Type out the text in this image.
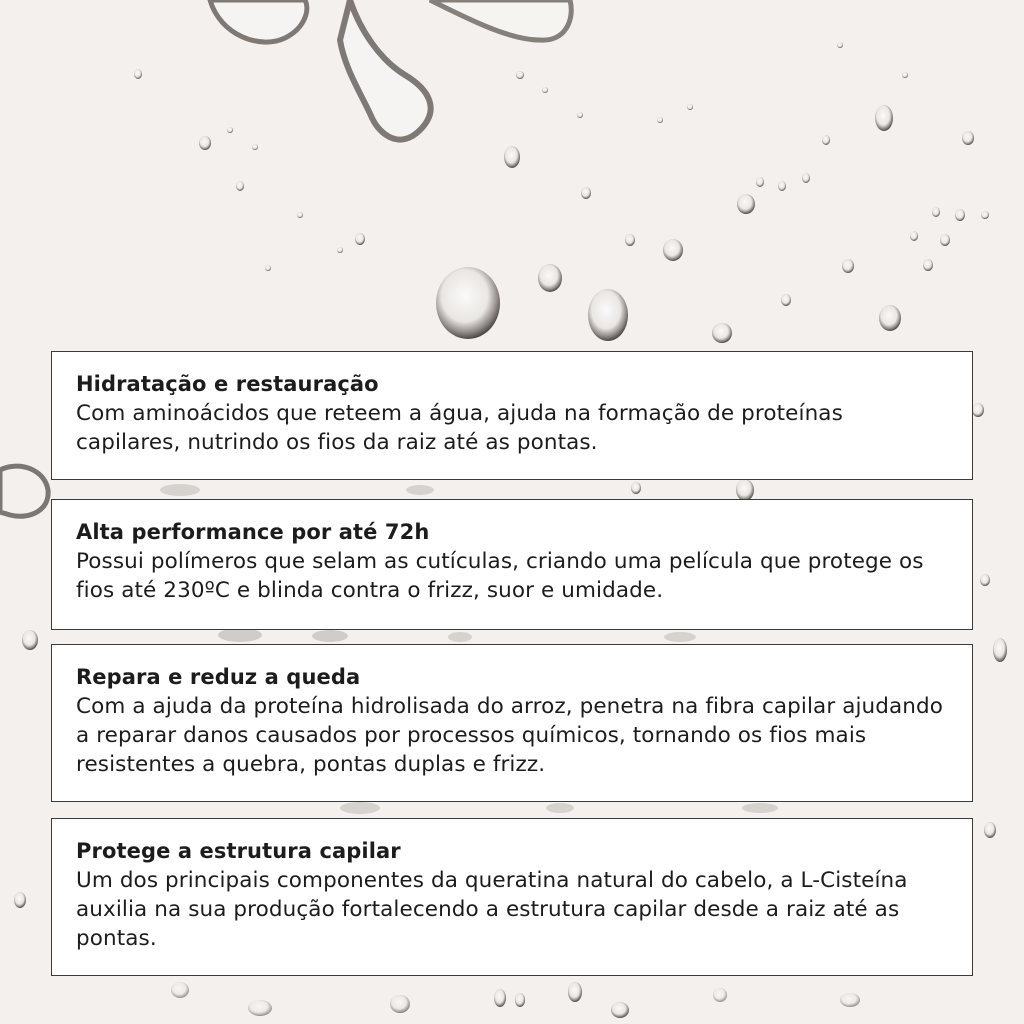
Hidratação e restauração

Com aminoácidos que reteem a água, ajuda na formação de proteínas capilares, nutrindo os fios da raiz até as pontas.

Alta performance por até 72h

Possui polímeros que selam as cutículas, criando uma película que protege os fios até 230ºC e blinda contra o frizz, suor e umidade.

Repara e reduz a queda

Com a ajuda da proteína hidrolisada do arroz, penetra na fibra capilar ajudando a reparar danos causados por processos químicos, tornando os fios mais resistentes a quebra, pontas duplas e frizz.

Protege a estrutura capilar

Um dos principais componentes da queratina natural do cabelo, a L-Cisteína auxilia na sua produção fortalecendo a estrutura capilar desde a raiz até as pontas.
